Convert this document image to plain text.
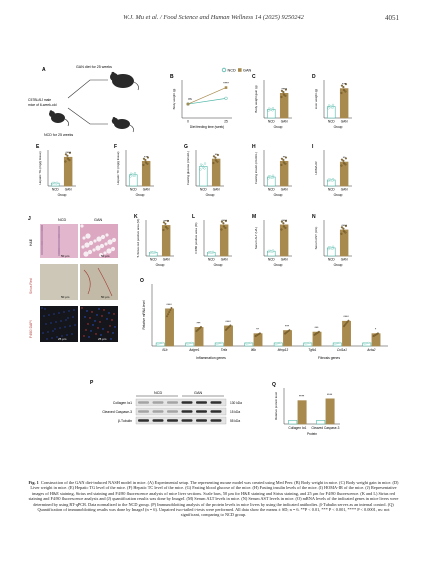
W.J. Mu et al. / Food Science and Human Wellness 14 (2025) 9250242	4051
A	GAN diet for 25 weeks
C57BL/6J male
mice of 6-week-old
NCD for 25 weeks
NCD GAN
B
Body weight (g)
Diet feeding time (week)
0	25
ns
****
C
Body weight gain (g)
Group
NCD GAN
****
D
Liver weight (g)
Group
NCD GAN
***
E
Hepatic TG (mg/g tissue)
Group
NCD GAN
****
F
Hepatic TC (mg/g tissue)
Group
NCD GAN
***
G
Fasting glucose (mmol/L)
Group
NCD GAN
**
H
Fasting insulin (mU/mL)
Group
NCD GAN
**
I
HOMA-IR
Group
NCD GAN
**
K
5-Sirius red positive area (%)
Group
NCD GAN
****
L
F4/80 positive area (%)
Group
NCD GAN
****
M
Serum ALT (U/L)
Group
NCD GAN
****
N
Serum AST (U/L)
Group
NCD GAN
****
O
Relative mRNA level	****
Il1b
***
Adgre1
****
Tnfa
**
Il6b
***
Mmp13
***
Tgfb1
****
Col1a1
*
Acta2
Inflammation genes	Fibrosis genes
Q
Relative protein level	****
Collagen Iα1
****
Cleaved Caspase-3
Protein
J	NCD	GAN
H&E
Sirius Red
F4/80 DAPI
50 μm	50 μm
50 μm	50 μm
25 μm	25 μm
P
NCD	GAN
Collagen Iα1
Cleaved Caspase-3
β-Tubulin
130 kDa
15 kDa
55 kDa
Fig. 1 Construction of the GAN diet-induced NASH model in mice. (A) Experimental setup. The representing mouse model was created using Med Peer. (B) Body weight in mice. (C) Body weight gain in mice. (D) Liver weight in mice. (E) Hepatic TG level of the mice. (F) Hepatic TC level of the mice. (G) Fasting blood glucose of the mice. (H) Fasting insulin levels of the mice. (I) HOMA-IR of the mice. (J) Representative images of H&E staining, Sirius red staining and F4/80 fluorescence analysis of mice liver sections. Scale bars, 50 μm for H&E staining and Sirius staining, and 25 μm for F4/80 fluorescence. (K and L) Sirius red staining and F4/80 fluorescence analysis and (J) quantification results was done by ImageJ. (M) Serum ALT levels in mice. (N) Serum AST levels in mice. (O) mRNA levels of the indicated genes in mice livers were determined by using RT-qPCR. Data normalized to the NCD group. (P) Immunoblotting analysis of the protein levels in mice livers by using the indicated antibodies. β-Tubulin serves as an internal control. (Q) Quantification of immunoblotting results was done by ImageJ (n = 6). Unpaired two-tailed t-tests were performed. All data show the means ± SD; n = 6. **P < 0.01, *** P < 0.001, **** P < 0.0001, ns: not significant, comparing to NCD group.
